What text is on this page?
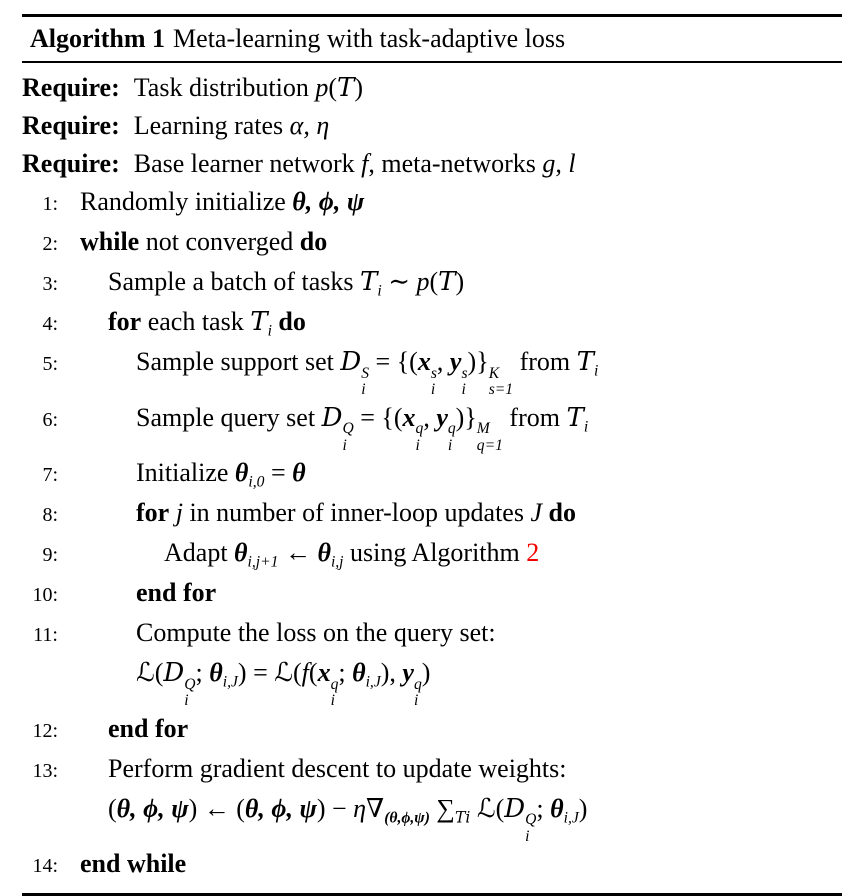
Algorithm 1 Meta-learning with task-adaptive loss
Require: Task distribution p(T)
Require: Learning rates α, η
Require: Base learner network f, meta-networks g, l
1: Randomly initialize θ, ϕ, ψ
2: while not converged do
3:	Sample a batch of tasks $T_i$ ∼ p(T)
4:	for each task $T_i$ do
5:	Sample support set D S
i
= {(x s
i
, y s
i
)} K
s=1
from $T_i$
6:	Sample query set D Q
i
= {(x q
i
, y q
i
)} M
q=1
from $T_i$
7:	Initialize $\theta_{i,0} = \theta$
8:	for j in number of inner-loop updates J do
9:	Adapt $\theta_{i,j+1}$ ← $\theta_{i,j}$ using Algorithm 2
10:	end for
11:	Compute the loss on the query set:
ℒ(D Q
i
; $\theta_{i,J}$) = ℒ(f(x q
i
; $\theta_{i,J}$), y q
i
)
12:	end for
13:	Perform gradient descent to update weights:
(θ, ϕ, ψ) ← (θ, ϕ, $\psi) - \eta\nabla_{(\theta,\phi,\psi)}$ $\sum_{Ti}$ ℒ(D Q
i
; $\theta_{i,J}$)
14: end while
